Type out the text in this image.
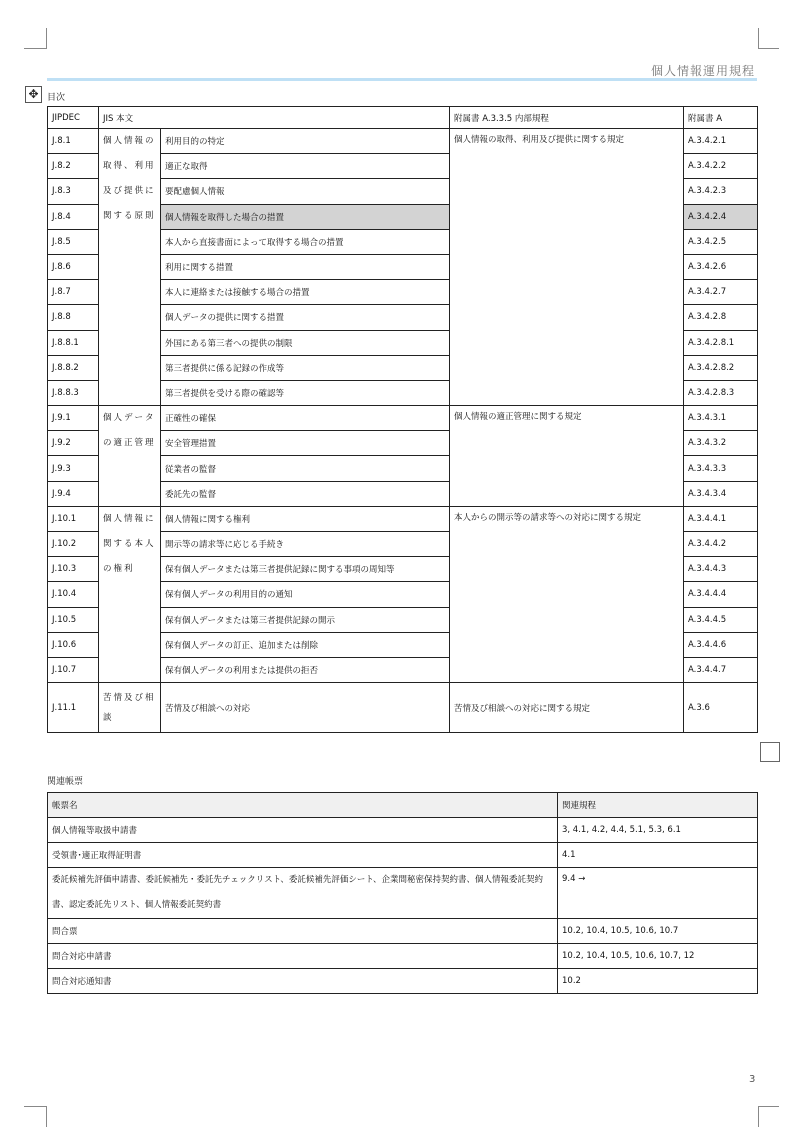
個人情報運用規程
✥ 目次
JIPDEC	JIS 本文		附属書 A.3.3.5 内部規程	附属書 A
J.8.1	個人情報の取得、利用及び提供に関する原則	利用目的の特定	個人情報の取得、利用及び提供に関する規定	A.3.4.2.1
J.8.2		適正な取得		A.3.4.2.2
J.8.3		要配慮個人情報		A.3.4.2.3
J.8.4		個人情報を取得した場合の措置		A.3.4.2.4
J.8.5		本人から直接書面によって取得する場合の措置		A.3.4.2.5
J.8.6		利用に関する措置		A.3.4.2.6
J.8.7		本人に連絡または接触する場合の措置		A.3.4.2.7
J.8.8		個人データの提供に関する措置		A.3.4.2.8
J.8.8.1		外国にある第三者への提供の制限		A.3.4.2.8.1
J.8.8.2		第三者提供に係る記録の作成等		A.3.4.2.8.2
J.8.8.3		第三者提供を受ける際の確認等		A.3.4.2.8.3
J.9.1	個人データの適正管理	正確性の確保	個人情報の適正管理に関する規定	A.3.4.3.1
J.9.2		安全管理措置		A.3.4.3.2
J.9.3		従業者の監督		A.3.4.3.3
J.9.4		委託先の監督		A.3.4.3.4
J.10.1	個人情報に関する本人の権利	個人情報に関する権利	本人からの開示等の請求等への対応に関する規定	A.3.4.4.1
J.10.2		開示等の請求等に応じる手続き		A.3.4.4.2
J.10.3		保有個人データまたは第三者提供記録に関する事項の周知等		A.3.4.4.3
J.10.4		保有個人データの利用目的の通知		A.3.4.4.4
J.10.5		保有個人データまたは第三者提供記録の開示		A.3.4.4.5
J.10.6		保有個人データの訂正、追加または削除		A.3.4.4.6
J.10.7		保有個人データの利用または提供の拒否		A.3.4.4.7
J.11.1	苦情及び相談	苦情及び相談への対応	苦情及び相談への対応に関する規定	A.3.6
関連帳票
帳票名	関連規程
個人情報等取扱申請書	3, 4.1, 4.2, 4.4, 5.1, 5.3, 6.1
受領書･適正取得証明書	4.1
委託候補先評価申請書、委託候補先・委託先チェックリスト、委託候補先評価シート、企業間秘密保持契約書、個人情報委託契約書、認定委託先リスト、個人情報委託契約書	9.4 →
問合票	10.2, 10.4, 10.5, 10.6, 10.7
問合対応申請書	10.2, 10.4, 10.5, 10.6, 10.7, 12
問合対応通知書	10.2
3
